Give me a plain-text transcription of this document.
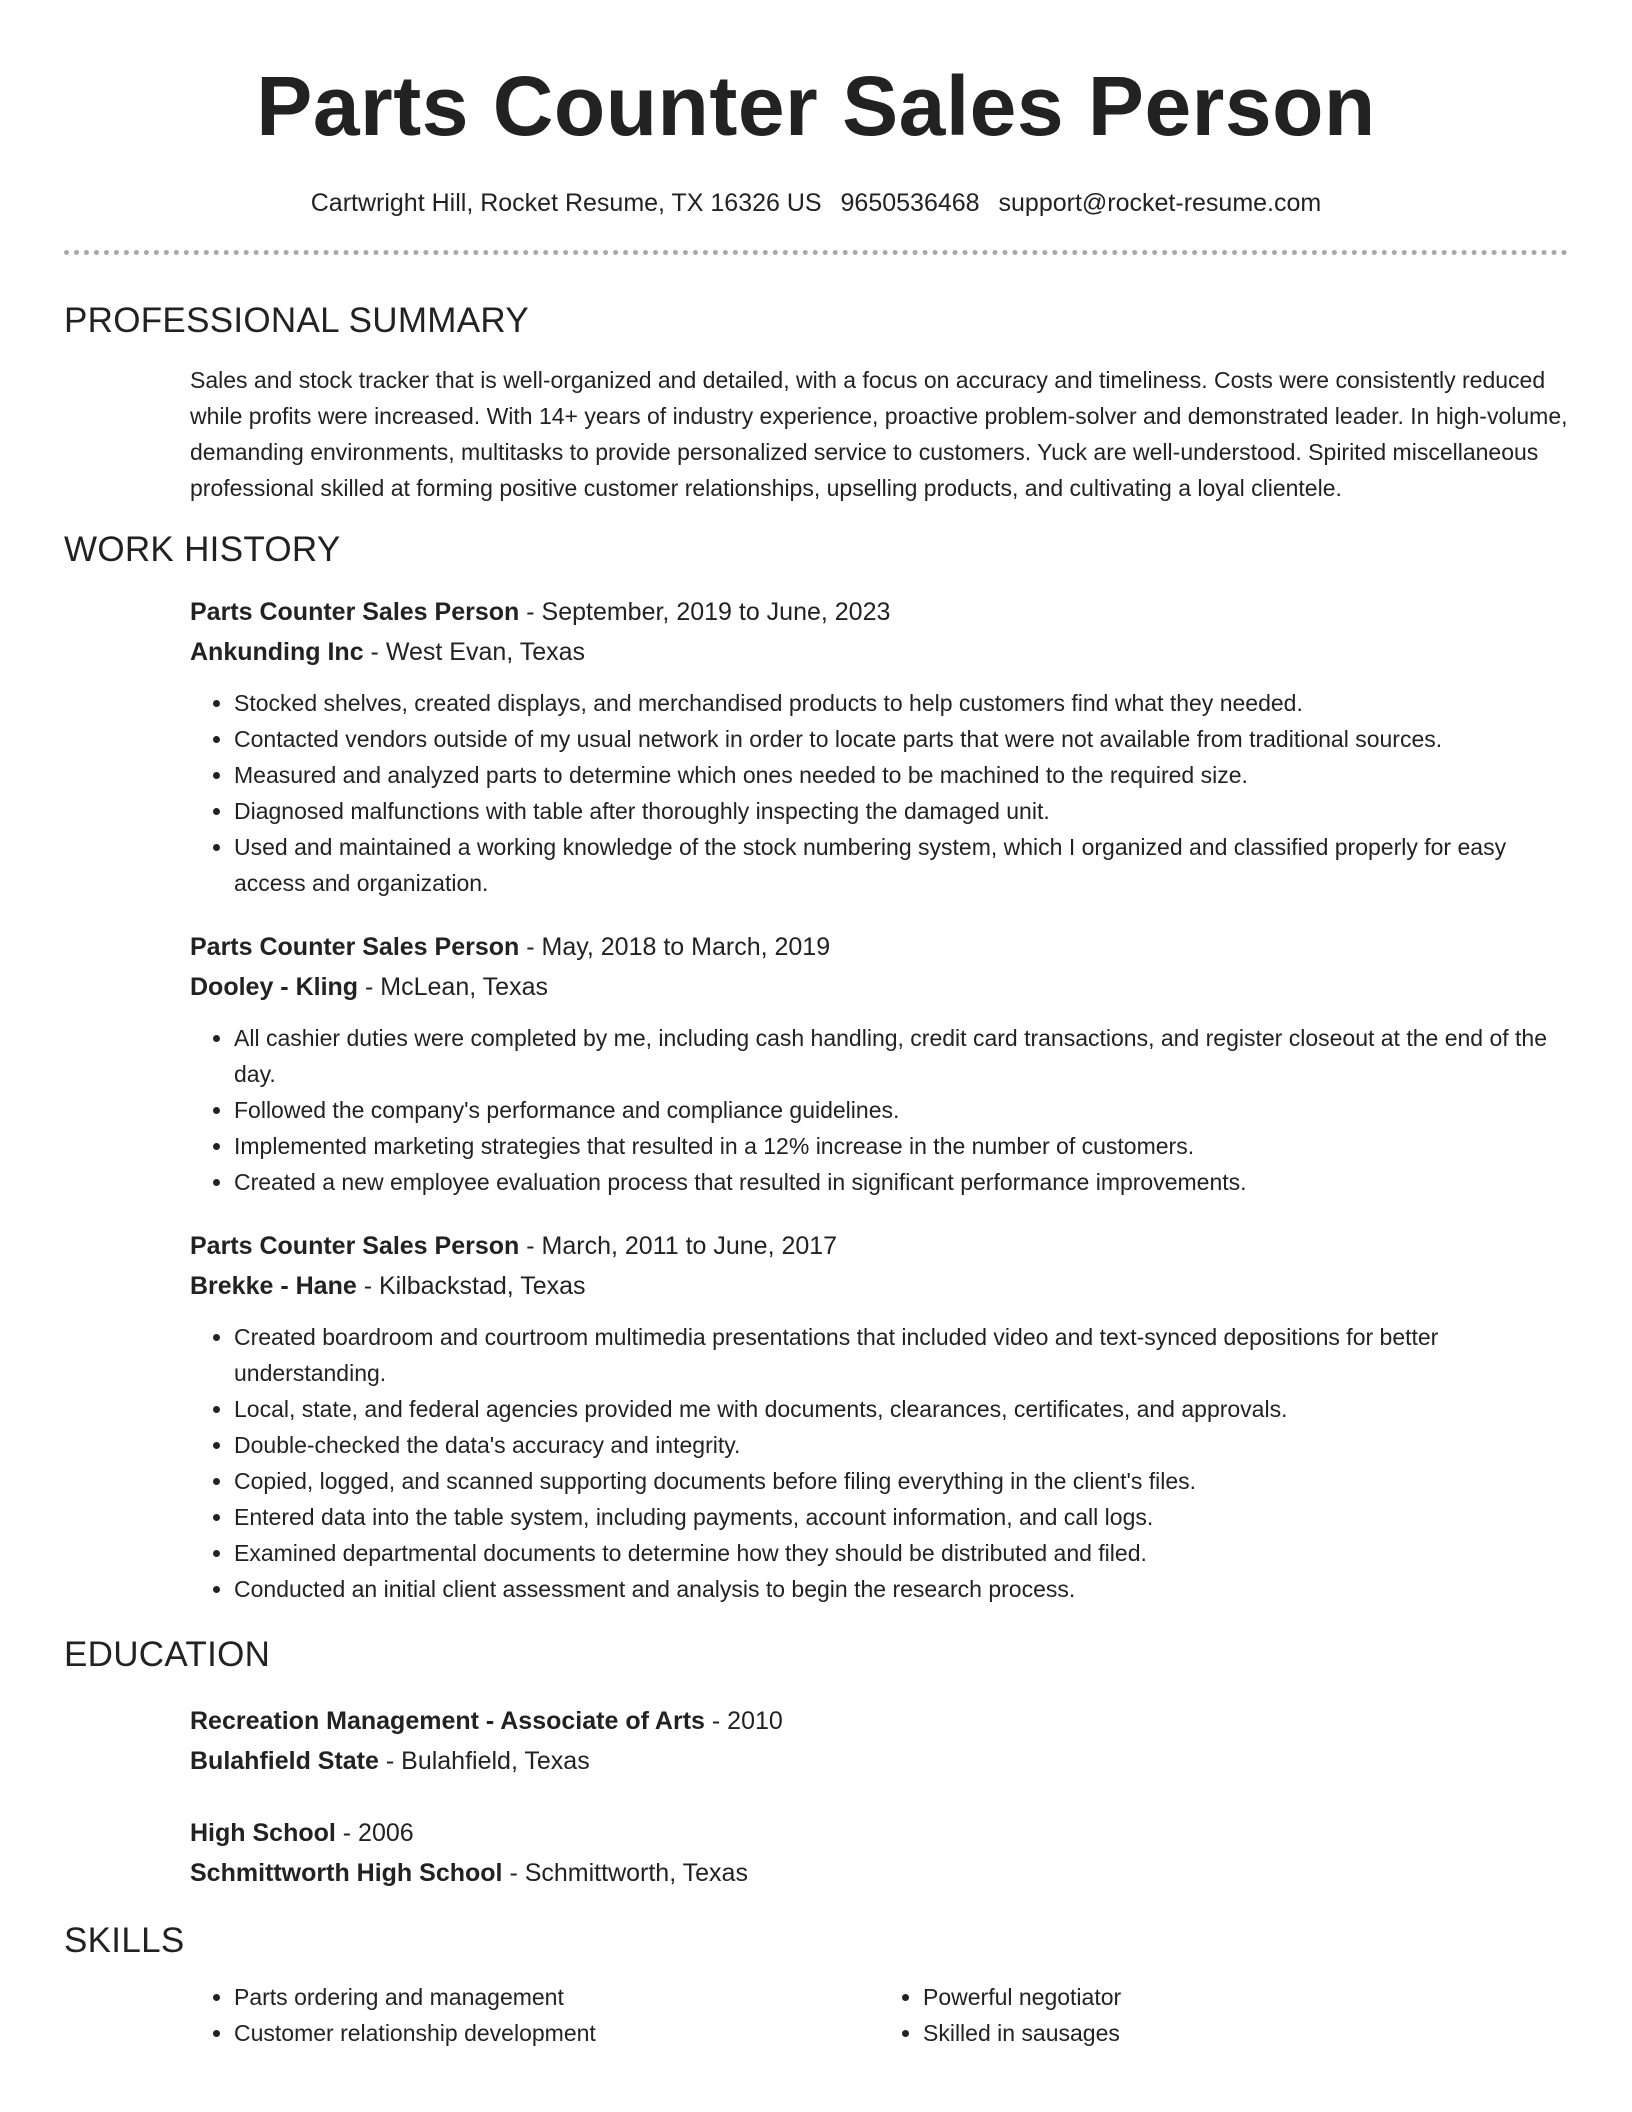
Parts Counter Sales Person
Cartwright Hill, Rocket Resume, TX 16326 US 9650536468 support@rocket-resume.com
PROFESSIONAL SUMMARY

Sales and stock tracker that is well-organized and detailed, with a focus on accuracy and timeliness. Costs were consistently reduced while profits were increased. With 14+ years of industry experience, proactive problem-solver and demonstrated leader. In high-volume, demanding environments, multitasks to provide personalized service to customers. Yuck are well-understood. Spirited miscellaneous professional skilled at forming positive customer relationships, upselling products, and cultivating a loyal clientele.

WORK HISTORY
Parts Counter Sales Person - September, 2019 to June, 2023
Ankunding Inc - West Evan, Texas
• Stocked shelves, created displays, and merchandised products to help customers find what they needed.
• Contacted vendors outside of my usual network in order to locate parts that were not available from traditional sources.
• Measured and analyzed parts to determine which ones needed to be machined to the required size.
• Diagnosed malfunctions with table after thoroughly inspecting the damaged unit.
• Used and maintained a working knowledge of the stock numbering system, which I organized and classified properly for easy access and organization.
Parts Counter Sales Person - May, 2018 to March, 2019
Dooley - Kling - McLean, Texas
• All cashier duties were completed by me, including cash handling, credit card transactions, and register closeout at the end of the day.
• Followed the company's performance and compliance guidelines.
• Implemented marketing strategies that resulted in a 12% increase in the number of customers.
• Created a new employee evaluation process that resulted in significant performance improvements.
Parts Counter Sales Person - March, 2011 to June, 2017
Brekke - Hane - Kilbackstad, Texas
• Created boardroom and courtroom multimedia presentations that included video and text-synced depositions for better understanding.
• Local, state, and federal agencies provided me with documents, clearances, certificates, and approvals.
• Double-checked the data's accuracy and integrity.
• Copied, logged, and scanned supporting documents before filing everything in the client's files.
• Entered data into the table system, including payments, account information, and call logs.
• Examined departmental documents to determine how they should be distributed and filed.
• Conducted an initial client assessment and analysis to begin the research process.
EDUCATION
Recreation Management - Associate of Arts - 2010
Bulahfield State - Bulahfield, Texas
High School - 2006
Schmittworth High School - Schmittworth, Texas
SKILLS
• Parts ordering and management
• Customer relationship development
• Powerful negotiator
• Skilled in sausages
